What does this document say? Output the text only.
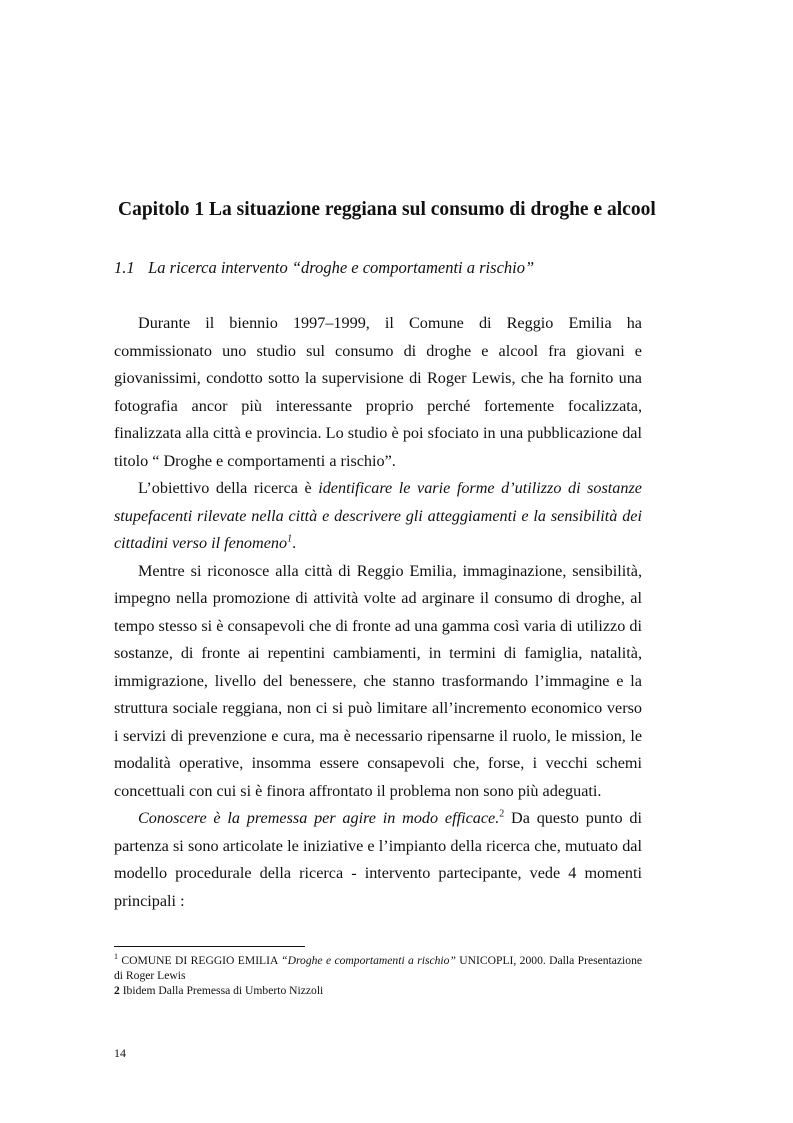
Capitolo 1 La situazione reggiana sul consumo di droghe e alcool
1.1 La ricerca intervento “droghe e comportamenti a rischio”

Durante il biennio 1997–1999, il Comune di Reggio Emilia ha commissionato uno studio sul consumo di droghe e alcool fra giovani e giovanissimi, condotto sotto la supervisione di Roger Lewis, che ha fornito una fotografia ancor più interessante proprio perché fortemente focalizzata, finalizzata alla città e provincia. Lo studio è poi sfociato in una pubblicazione dal titolo “ Droghe e comportamenti a rischio”.

L’obiettivo della ricerca è identificare le varie forme d’utilizzo di sostanze stupefacenti rilevate nella città e descrivere gli atteggiamenti e la sensibilità dei cittadini verso il fenomeno$^1$.

Mentre si riconosce alla città di Reggio Emilia, immaginazione, sensibilità, impegno nella promozione di attività volte ad arginare il consumo di droghe, al tempo stesso si è consapevoli che di fronte ad una gamma così varia di utilizzo di sostanze, di fronte ai repentini cambiamenti, in termini di famiglia, natalità, immigrazione, livello del benessere, che stanno trasformando l’immagine e la struttura sociale reggiana, non ci si può limitare all’incremento economico verso i servizi di prevenzione e cura, ma è necessario ripensarne il ruolo, le mission, le modalità operative, insomma essere consapevoli che, forse, i vecchi schemi concettuali con cui si è finora affrontato il problema non sono più adeguati.

Conoscere è la premessa per agire in modo efficace.$^2$ Da questo punto di partenza si sono articolate le iniziative e l’impianto della ricerca che, mutuato dal modello procedurale della ricerca - intervento partecipante, vede 4 momenti principali :

$^1$ COMUNE DI REGGIO EMILIA “Droghe e comportamenti a rischio” UNICOPLI, 2000. Dalla Presentazione di Roger Lewis

2 Ibidem Dalla Premessa di Umberto Nizzoli

14
